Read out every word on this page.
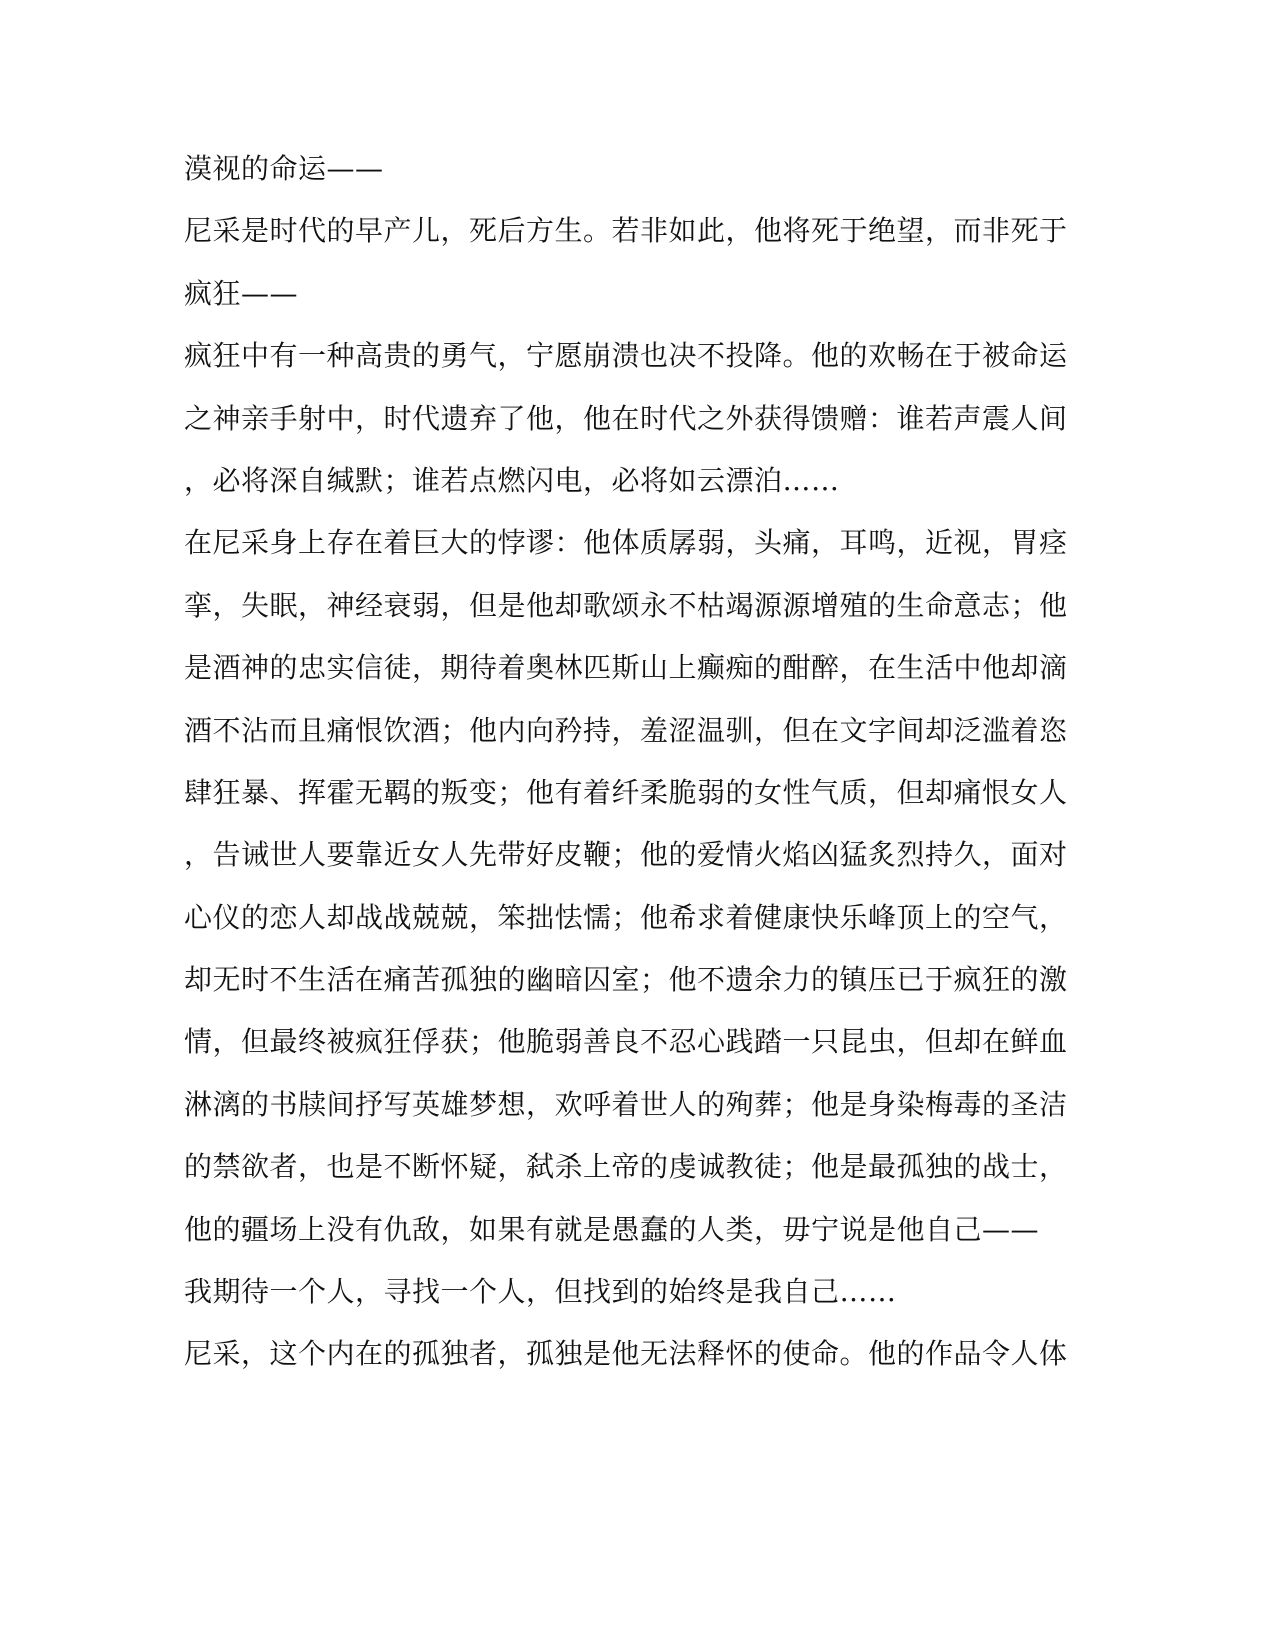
漠视的命运——
尼采是时代的早产儿，死后方生。若非如此，他将死于绝望，而非死于
疯狂——
疯狂中有一种高贵的勇气，宁愿崩溃也决不投降。他的欢畅在于被命运
之神亲手射中，时代遗弃了他，他在时代之外获得馈赠：谁若声震人间
，必将深自缄默；谁若点燃闪电，必将如云漂泊……
在尼采身上存在着巨大的悖谬：他体质孱弱，头痛，耳鸣，近视，胃痉
挛，失眠，神经衰弱，但是他却歌颂永不枯竭源源增殖的生命意志；他
是酒神的忠实信徒，期待着奥林匹斯山上癫痴的酣醉，在生活中他却滴
酒不沾而且痛恨饮酒；他内向矜持，羞涩温驯，但在文字间却泛滥着恣
肆狂暴、挥霍无羁的叛变；他有着纤柔脆弱的女性气质，但却痛恨女人
，告诫世人要靠近女人先带好皮鞭；他的爱情火焰凶猛炙烈持久，面对
心仪的恋人却战战兢兢，笨拙怯懦；他希求着健康快乐峰顶上的空气，
却无时不生活在痛苦孤独的幽暗囚室；他不遗余力的镇压已于疯狂的激
情，但最终被疯狂俘获；他脆弱善良不忍心践踏一只昆虫，但却在鲜血
淋漓的书牍间抒写英雄梦想，欢呼着世人的殉葬；他是身染梅毒的圣洁
的禁欲者，也是不断怀疑，弑杀上帝的虔诚教徒；他是最孤独的战士，
他的疆场上没有仇敌，如果有就是愚蠢的人类，毋宁说是他自己——
我期待一个人，寻找一个人，但找到的始终是我自己……
尼采，这个内在的孤独者，孤独是他无法释怀的使命。他的作品令人体
